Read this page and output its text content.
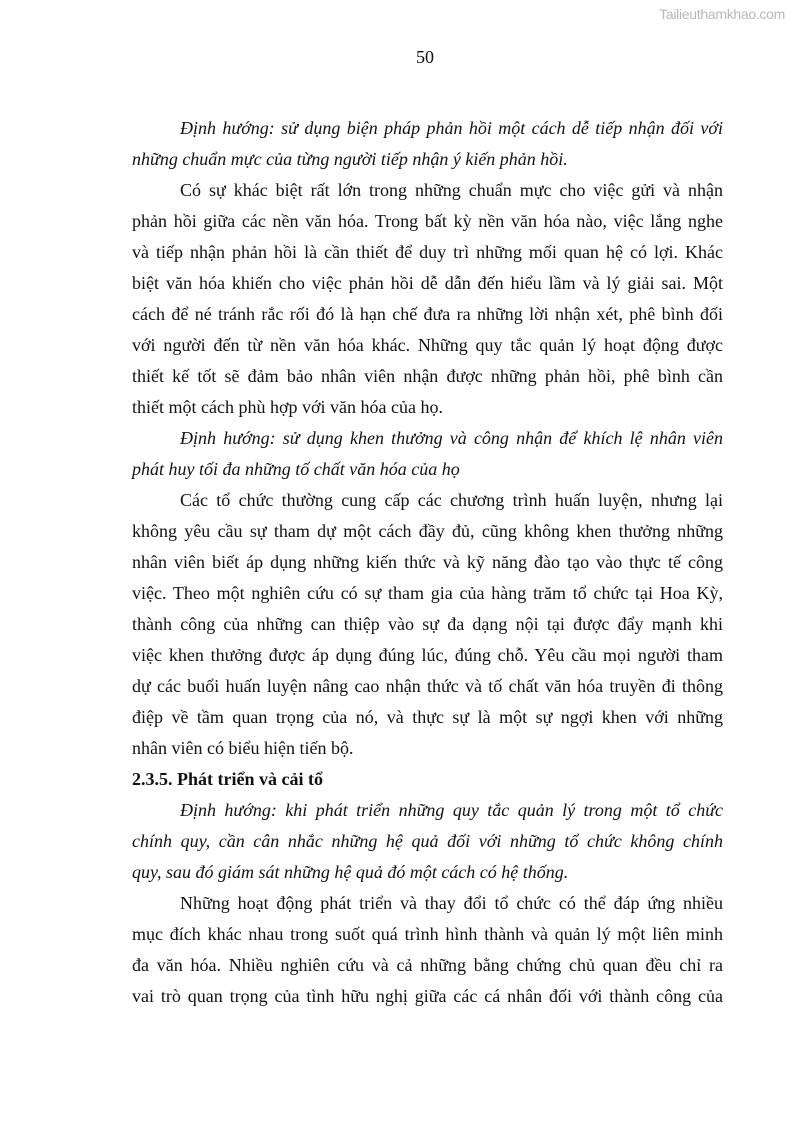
Tailieuthamkhao.com
50
Định hướng: sử dụng biện pháp phản hồi một cách dễ tiếp nhận đối với
những chuẩn mực của từng người tiếp nhận ý kiến phản hồi.
Có sự khác biệt rất lớn trong những chuẩn mực cho việc gửi và nhận
phản hồi giữa các nền văn hóa. Trong bất kỳ nền văn hóa nào, việc lắng nghe
và tiếp nhận phản hồi là cần thiết để duy trì những mối quan hệ có lợi. Khác
biệt văn hóa khiến cho việc phản hồi dễ dẫn đến hiểu lầm và lý giải sai. Một
cách để né tránh rắc rối đó là hạn chế đưa ra những lời nhận xét, phê bình đối
với người đến từ nền văn hóa khác. Những quy tắc quản lý hoạt động được
thiết kế tốt sẽ đảm bảo nhân viên nhận được những phản hồi, phê bình cần
thiết một cách phù hợp với văn hóa của họ.
Định hướng: sử dụng khen thưởng và công nhận để khích lệ nhân viên
phát huy tối đa những tố chất văn hóa của họ
Các tổ chức thường cung cấp các chương trình huấn luyện, nhưng lại
không yêu cầu sự tham dự một cách đầy đủ, cũng không khen thưởng những
nhân viên biết áp dụng những kiến thức và kỹ năng đào tạo vào thực tế công
việc. Theo một nghiên cứu có sự tham gia của hàng trăm tổ chức tại Hoa Kỳ,
thành công của những can thiệp vào sự đa dạng nội tại được đẩy mạnh khi
việc khen thưởng được áp dụng đúng lúc, đúng chỗ. Yêu cầu mọi người tham
dự các buổi huấn luyện nâng cao nhận thức và tố chất văn hóa truyền đi thông
điệp về tầm quan trọng của nó, và thực sự là một sự ngợi khen với những
nhân viên có biểu hiện tiến bộ.
2.3.5. Phát triển và cải tổ
Định hướng: khi phát triển những quy tắc quản lý trong một tổ chức
chính quy, cần cân nhắc những hệ quả đối với những tổ chức không chính
quy, sau đó giám sát những hệ quả đó một cách có hệ thống.
Những hoạt động phát triển và thay đổi tổ chức có thể đáp ứng nhiều
mục đích khác nhau trong suốt quá trình hình thành và quản lý một liên minh
đa văn hóa. Nhiều nghiên cứu và cả những bằng chứng chủ quan đều chỉ ra
vai trò quan trọng của tình hữu nghị giữa các cá nhân đối với thành công của
